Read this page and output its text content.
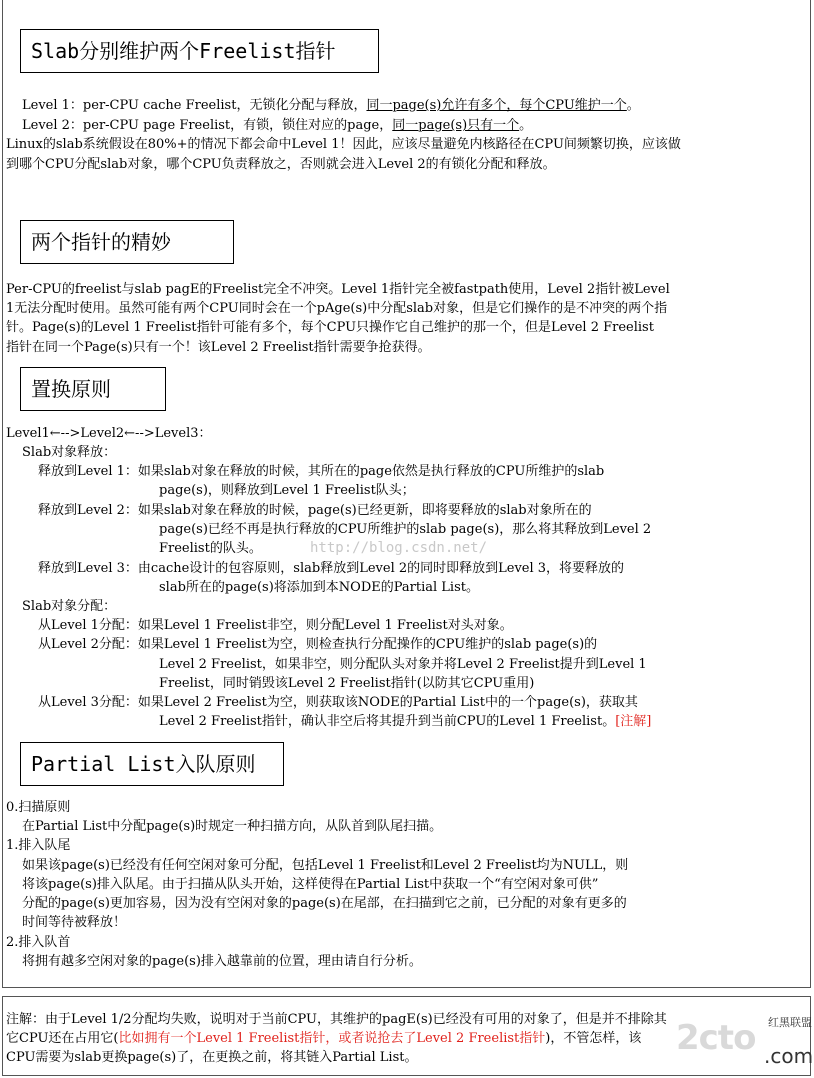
Slab分别维护两个Freelist指针
Level 1：per-CPU cache Freelist，无锁化分配与释放，同一page(s)允许有多个，每个CPU维护一个。
Level 2：per-CPU page Freelist，有锁，锁住对应的page，同一page(s)只有一个。
Linux的slab系统假设在80%+的情况下都会命中Level 1！因此，应该尽量避免内核路径在CPU间频繁切换，应该做
到哪个CPU分配slab对象，哪个CPU负责释放之，否则就会进入Level 2的有锁化分配和释放。
两个指针的精妙
Per-CPU的freelist与slab pagE的Freelist完全不冲突。Level 1指针完全被fastpath使用，Level 2指针被Level
1无法分配时使用。虽然可能有两个CPU同时会在一个pAge(s)中分配slab对象，但是它们操作的是不冲突的两个指
针。Page(s)的Level 1 Freelist指针可能有多个，每个CPU只操作它自己维护的那一个，但是Level 2 Freelist
指针在同一个Page(s)只有一个！该Level 2 Freelist指针需要争抢获得。
置换原则
Level1←-->Level2←-->Level3：
Slab对象释放：
释放到Level 1：如果slab对象在释放的时候，其所在的page依然是执行释放的CPU所维护的slab
page(s)，则释放到Level 1 Freelist队头；
释放到Level 2：如果slab对象在释放的时候，page(s)已经更新，即将要释放的slab对象所在的
page(s)已经不再是执行释放的CPU所维护的slab page(s)，那么将其释放到Level 2
Freelist的队头。	http://blog.csdn.net/
释放到Level 3：由cache设计的包容原则，slab释放到Level 2的同时即释放到Level 3，将要释放的
slab所在的page(s)将添加到本NODE的Partial List。
Slab对象分配：
从Level 1分配：如果Level 1 Freelist非空，则分配Level 1 Freelist对头对象。
从Level 2分配：如果Level 1 Freelist为空，则检查执行分配操作的CPU维护的slab page(s)的
Level 2 Freelist，如果非空，则分配队头对象并将Level 2 Freelist提升到Level 1
Freelist，同时销毁该Level 2 Freelist指针(以防其它CPU重用)
从Level 3分配：如果Level 2 Freelist为空，则获取该NODE的Partial List中的一个page(s)，获取其
Level 2 Freelist指针，确认非空后将其提升到当前CPU的Level 1 Freelist。[注解]
Partial List入队原则
0.扫描原则
在Partial List中分配page(s)时规定一种扫描方向，从队首到队尾扫描。
1.排入队尾
如果该page(s)已经没有任何空闲对象可分配，包括Level 1 Freelist和Level 2 Freelist均为NULL，则
将该page(s)排入队尾。由于扫描从队头开始，这样使得在Partial List中获取一个“有空闲对象可供”
分配的page(s)更加容易，因为没有空闲对象的page(s)在尾部，在扫描到它之前，已分配的对象有更多的
时间等待被释放！
2.排入队首
将拥有越多空闲对象的page(s)排入越靠前的位置，理由请自行分析。
注解：由于Level 1/2分配均失败，说明对于当前CPU，其维护的pagE(s)已经没有可用的对象了，但是并不排除其
它CPU还在占用它(比如拥有一个Level 1 Freelist指针，或者说抢去了Level 2 Freelist指针)，不管怎样，该
CPU需要为slab更换page(s)了，在更换之前，将其链入Partial List。	2cto 红黑联盟
.com
